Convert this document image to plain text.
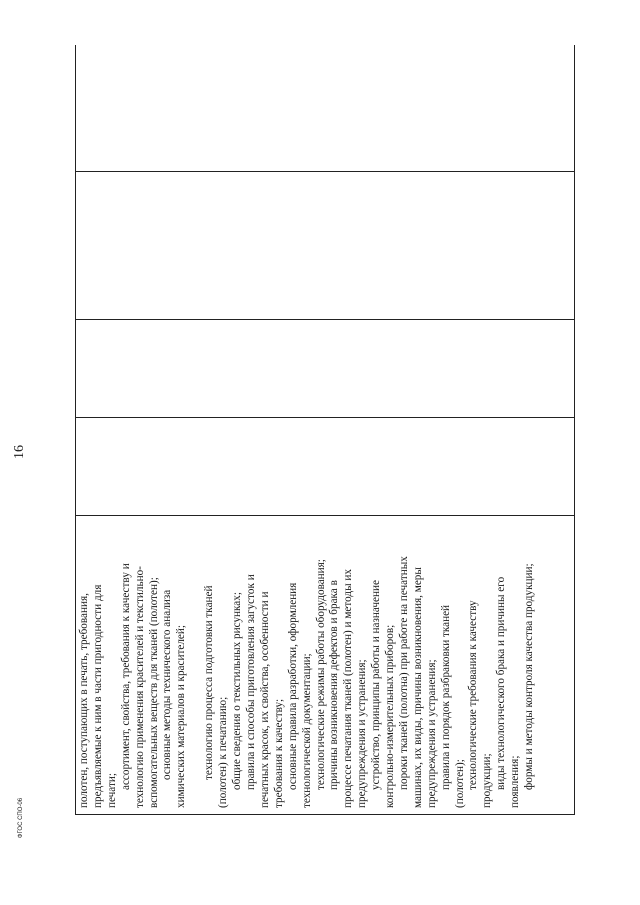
16
полотен, поступающих в печать, требования, предъявляемые к ним в части пригодности для печати;
ассортимент, свойства, требования к качеству и технологию применения красителей и текстильно- вспомогательных веществ для тканей (полотен); основные методы технического анализа химических материалов и красителей; технологию процесса подготовки тканей (полотен) к печатанию; общие сведения о текстильных рисунках; правила и способы приготовления загусток и печатных красок, их свойства, особенности и требования к качеству; основные правила разработки, оформления технологической документации; технологические режимы работы оборудования; причины возникновения дефектов и брака в процессе печатания тканей (полотен) и методы их предупреждения и устранения; устройство, принципы работы и назначение контрольно-измерительных приборов; пороки тканей (полотна) при работе на печатных машинах, их виды, причины возникновения, меры предупреждения и устранения; правила и порядок разбраковки тканей (полотен); технологические требования к качеству продукции; виды технологического брака и причины его появления; формы и методы контроля качества продукции;

ФГОС СПО-06
